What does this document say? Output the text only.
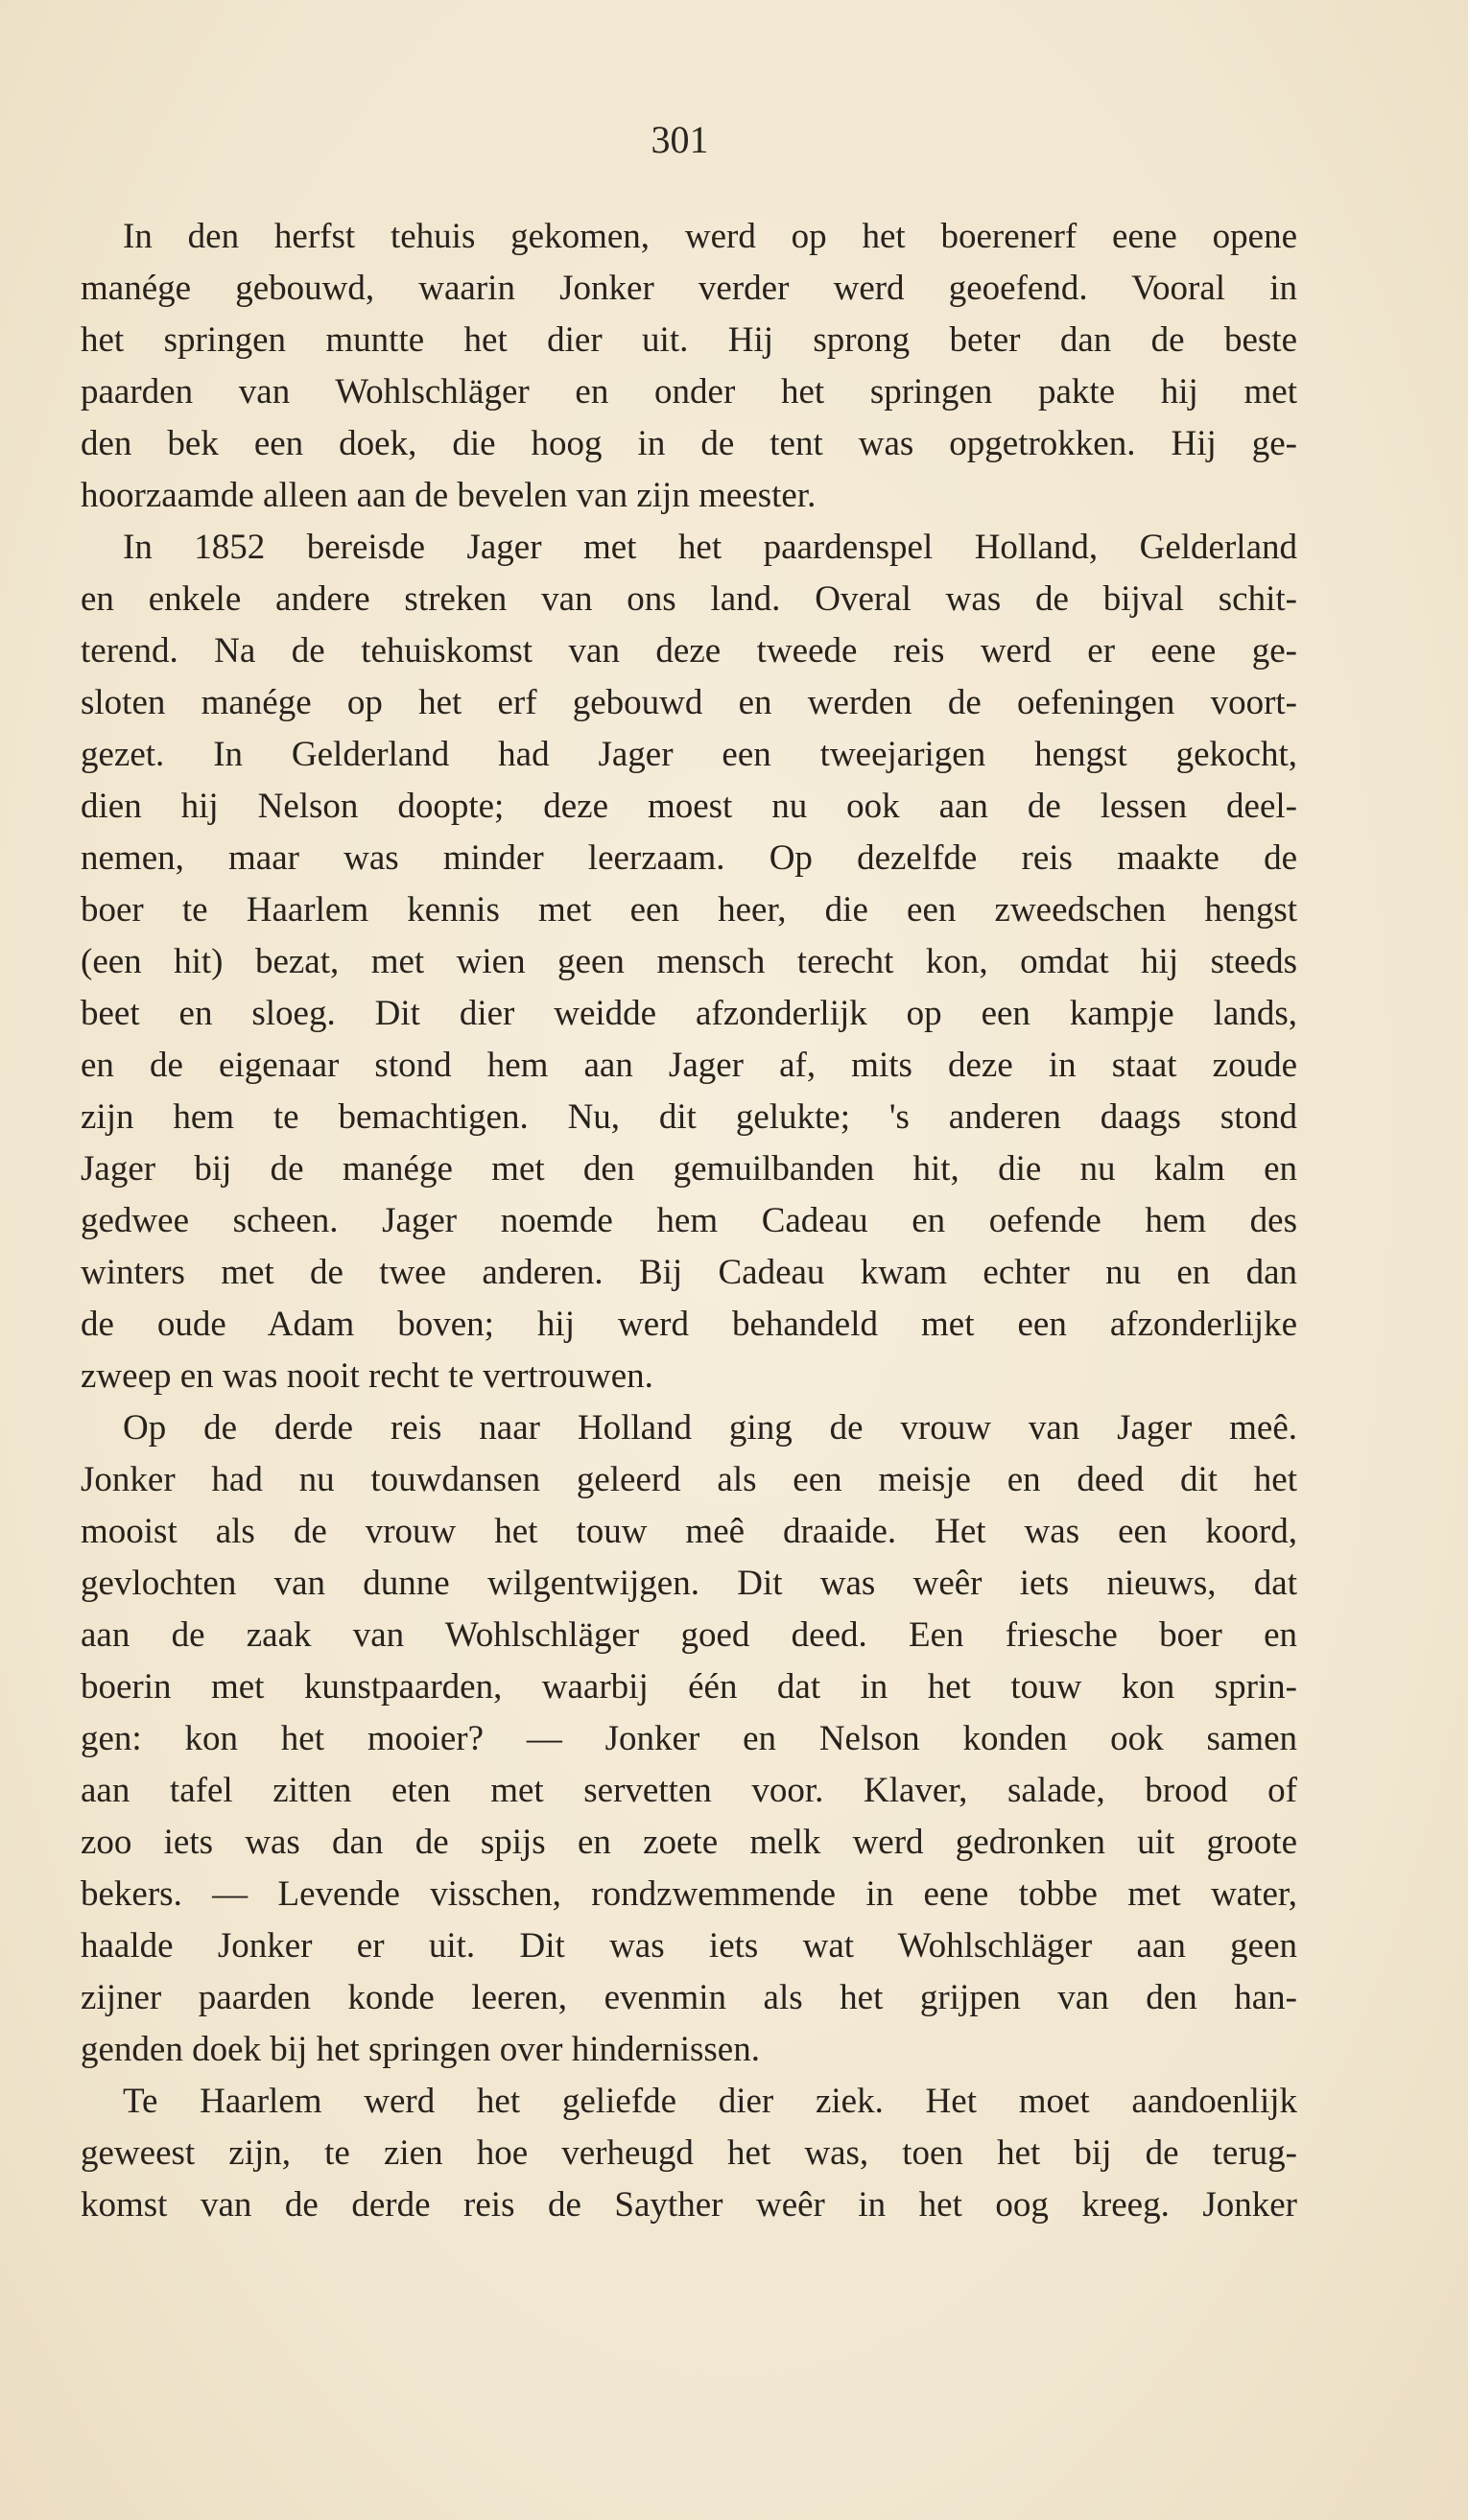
301
In den herfst tehuis gekomen, werd op het boerenerf eene opene
manége gebouwd, waarin Jonker verder werd geoefend. Vooral in
het springen muntte het dier uit. Hij sprong beter dan de beste
paarden van Wohlschläger en onder het springen pakte hij met
den bek een doek, die hoog in de tent was opgetrokken. Hij ge-
hoorzaamde alleen aan de bevelen van zijn meester.
In 1852 bereisde Jager met het paardenspel Holland, Gelderland
en enkele andere streken van ons land. Overal was de bijval schit-
terend. Na de tehuiskomst van deze tweede reis werd er eene ge-
sloten manége op het erf gebouwd en werden de oefeningen voort-
gezet. In Gelderland had Jager een tweejarigen hengst gekocht,
dien hij Nelson doopte; deze moest nu ook aan de lessen deel-
nemen, maar was minder leerzaam. Op dezelfde reis maakte de
boer te Haarlem kennis met een heer, die een zweedschen hengst
(een hit) bezat, met wien geen mensch terecht kon, omdat hij steeds
beet en sloeg. Dit dier weidde afzonderlijk op een kampje lands,
en de eigenaar stond hem aan Jager af, mits deze in staat zoude
zijn hem te bemachtigen. Nu, dit gelukte; 's anderen daags stond
Jager bij de manége met den gemuilbanden hit, die nu kalm en
gedwee scheen. Jager noemde hem Cadeau en oefende hem des
winters met de twee anderen. Bij Cadeau kwam echter nu en dan
de oude Adam boven; hij werd behandeld met een afzonderlijke
zweep en was nooit recht te vertrouwen.
Op de derde reis naar Holland ging de vrouw van Jager meê.
Jonker had nu touwdansen geleerd als een meisje en deed dit het
mooist als de vrouw het touw meê draaide. Het was een koord,
gevlochten van dunne wilgentwijgen. Dit was weêr iets nieuws, dat
aan de zaak van Wohlschläger goed deed. Een friesche boer en
boerin met kunstpaarden, waarbij één dat in het touw kon sprin-
gen: kon het mooier? — Jonker en Nelson konden ook samen
aan tafel zitten eten met servetten voor. Klaver, salade, brood of
zoo iets was dan de spijs en zoete melk werd gedronken uit groote
bekers. — Levende visschen, rondzwemmende in eene tobbe met water,
haalde Jonker er uit. Dit was iets wat Wohlschläger aan geen
zijner paarden konde leeren, evenmin als het grijpen van den han-
genden doek bij het springen over hindernissen.
Te Haarlem werd het geliefde dier ziek. Het moet aandoenlijk
geweest zijn, te zien hoe verheugd het was, toen het bij de terug-
komst van de derde reis de Sayther weêr in het oog kreeg. Jonker
